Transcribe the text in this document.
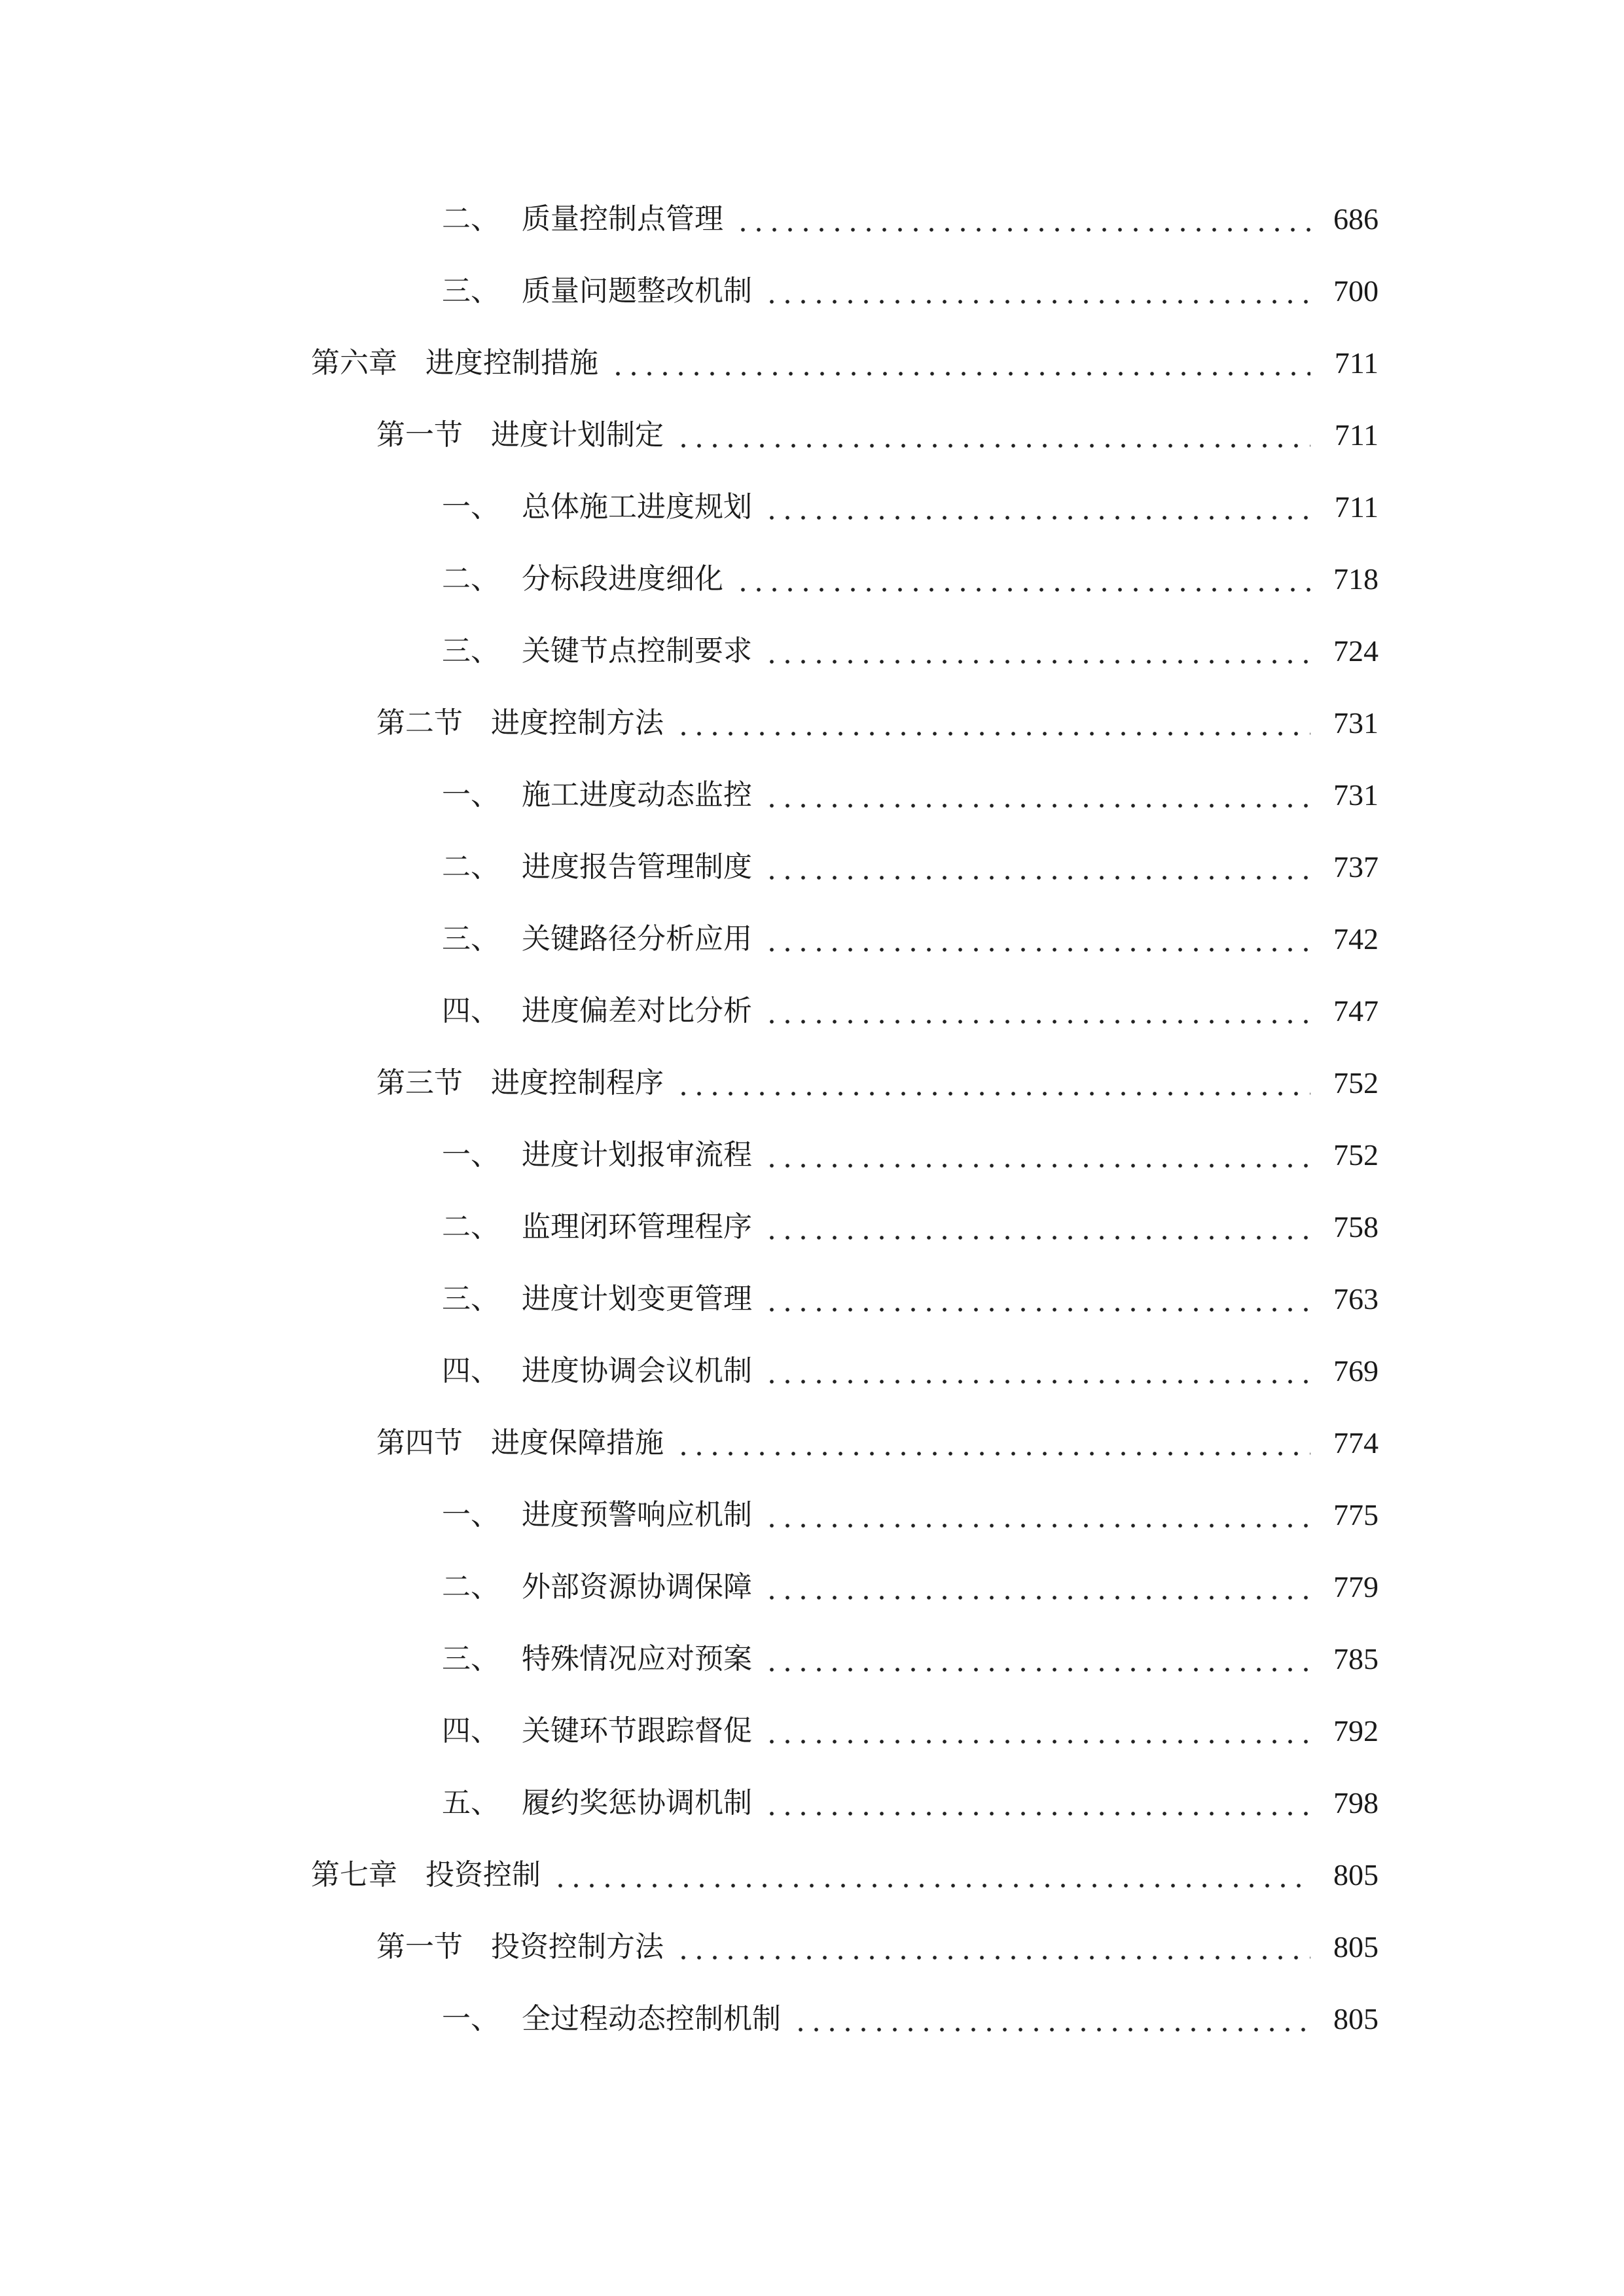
二、 质量控制点管理	686
三、 质量问题整改机制	700
第六章 进度控制措施	711
第一节 进度计划制定	711
一、 总体施工进度规划	711
二、 分标段进度细化	718
三、 关键节点控制要求	724
第二节 进度控制方法	731
一、 施工进度动态监控	731
二、 进度报告管理制度	737
三、 关键路径分析应用	742
四、 进度偏差对比分析	747
第三节 进度控制程序	752
一、 进度计划报审流程	752
二、 监理闭环管理程序	758
三、 进度计划变更管理	763
四、 进度协调会议机制	769
第四节 进度保障措施	774
一、 进度预警响应机制	775
二、 外部资源协调保障	779
三、 特殊情况应对预案	785
四、 关键环节跟踪督促	792
五、 履约奖惩协调机制	798
第七章 投资控制	805
第一节 投资控制方法	805
一、 全过程动态控制机制	805
